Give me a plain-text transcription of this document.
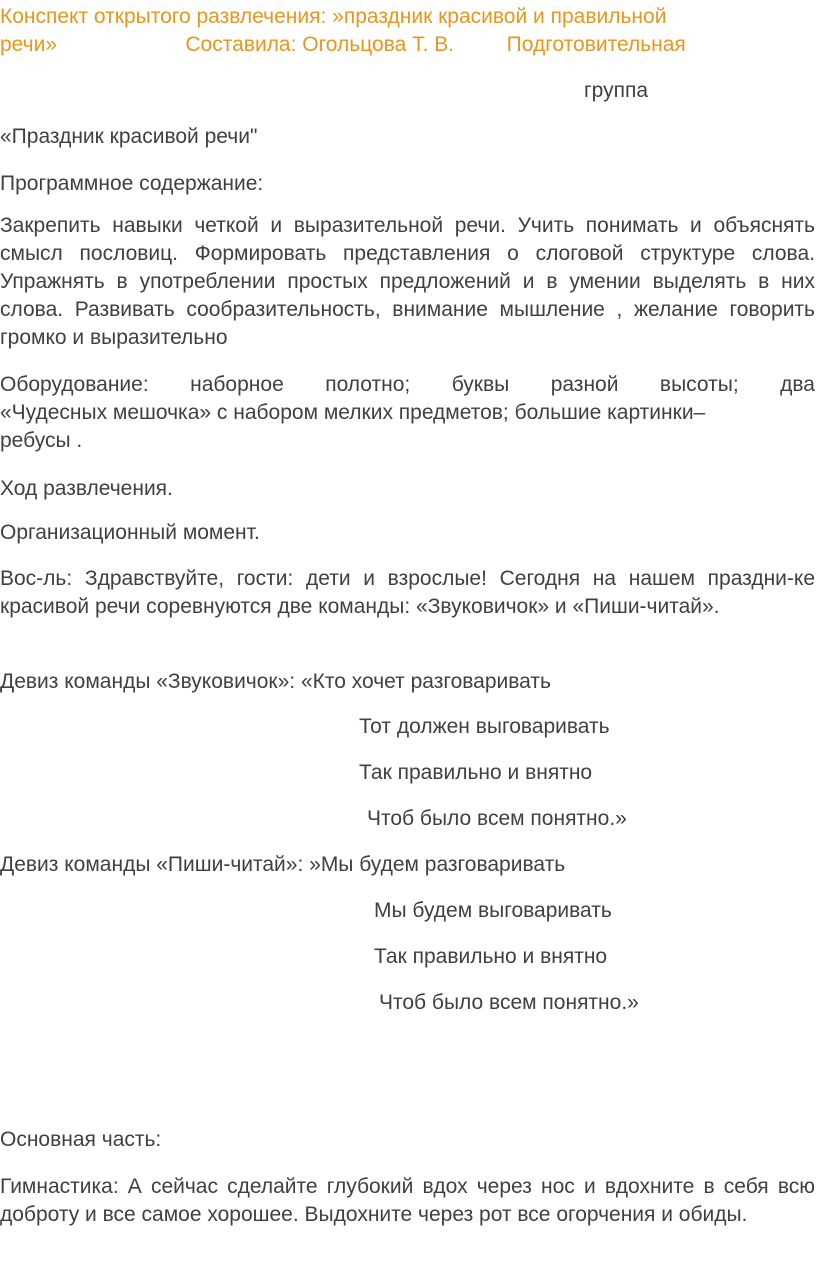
Конспект открытого развлечения: »праздник красивой и правильной
речи»	Составила: Огольцова Т. В.	Подготовительная
группа

«Праздник красивой речи"

Программное содержание:

Закрепить навыки четкой и выразительной речи. Учить понимать и объяснять смысл пословиц. Формировать представления о слоговой структуре слова. Упражнять в употреблении простых предложений и в умении выделять в них слова. Развивать сообразительность, внимание мышление , желание говорить громко и выразительно

Оборудование: наборное полотно; буквы разной высоты; два

«Чудесных мешочка» с набором мелких предметов; большие картинки–

ребусы .

Ход развлечения.

Организационный момент.

Вос-ль: Здравствуйте, гости: дети и взрослые! Сегодня на нашем праздни-ке красивой речи соревнуются две команды: «Звуковичок» и «Пиши-читай».

Девиз команды «Звуковичок»: «Кто хочет разговаривать
Тот должен выговаривать
Так правильно и внятно
Чтоб было всем понятно.»
Девиз команды «Пиши-читай»: »Мы будем разговаривать
Мы будем выговаривать
Так правильно и внятно
Чтоб было всем понятно.»

Основная часть:

Гимнастика: А сейчас сделайте глубокий вдох через нос и вдохните в себя всю доброту и все самое хорошее. Выдохните через рот все огорчения и обиды.
